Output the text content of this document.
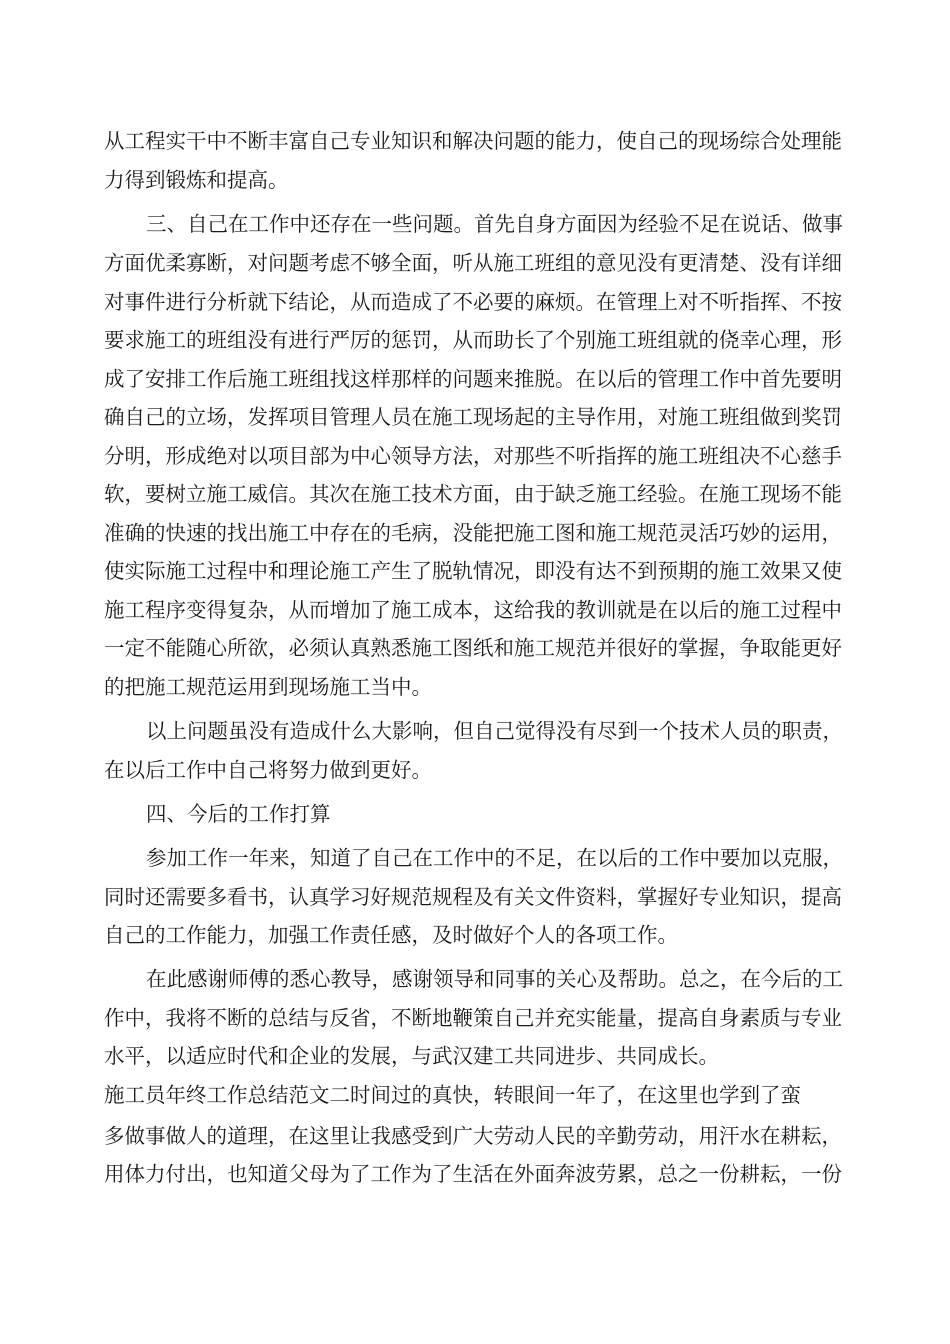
从工程实干中不断丰富自己专业知识和解决问题的能力，使自己的现场综合处理能
力得到锻炼和提高。
三、自己在工作中还存在一些问题。首先自身方面因为经验不足在说话、做事
方面优柔寡断，对问题考虑不够全面，听从施工班组的意见没有更清楚、没有详细
对事件进行分析就下结论，从而造成了不必要的麻烦。在管理上对不听指挥、不按
要求施工的班组没有进行严厉的惩罚，从而助长了个别施工班组就的侥幸心理，形
成了安排工作后施工班组找这样那样的问题来推脱。在以后的管理工作中首先要明
确自己的立场，发挥项目管理人员在施工现场起的主导作用，对施工班组做到奖罚
分明，形成绝对以项目部为中心领导方法，对那些不听指挥的施工班组决不心慈手
软，要树立施工威信。其次在施工技术方面，由于缺乏施工经验。在施工现场不能
准确的快速的找出施工中存在的毛病，没能把施工图和施工规范灵活巧妙的运用，
使实际施工过程中和理论施工产生了脱轨情况，即没有达不到预期的施工效果又使
施工程序变得复杂，从而增加了施工成本，这给我的教训就是在以后的施工过程中
一定不能随心所欲，必须认真熟悉施工图纸和施工规范并很好的掌握，争取能更好
的把施工规范运用到现场施工当中。
以上问题虽没有造成什么大影响，但自己觉得没有尽到一个技术人员的职责，
在以后工作中自己将努力做到更好。
四、今后的工作打算
参加工作一年来，知道了自己在工作中的不足，在以后的工作中要加以克服，
同时还需要多看书，认真学习好规范规程及有关文件资料，掌握好专业知识，提高
自己的工作能力，加强工作责任感，及时做好个人的各项工作。
在此感谢师傅的悉心教导，感谢领导和同事的关心及帮助。总之，在今后的工
作中，我将不断的总结与反省，不断地鞭策自己并充实能量，提高自身素质与专业
水平，以适应时代和企业的发展，与武汉建工共同进步、共同成长。
施工员年终工作总结范文二时间过的真快，转眼间一年了，在这里也学到了蛮
多做事做人的道理，在这里让我感受到广大劳动人民的辛勤劳动，用汗水在耕耘，
用体力付出，也知道父母为了工作为了生活在外面奔波劳累，总之一份耕耘，一份
